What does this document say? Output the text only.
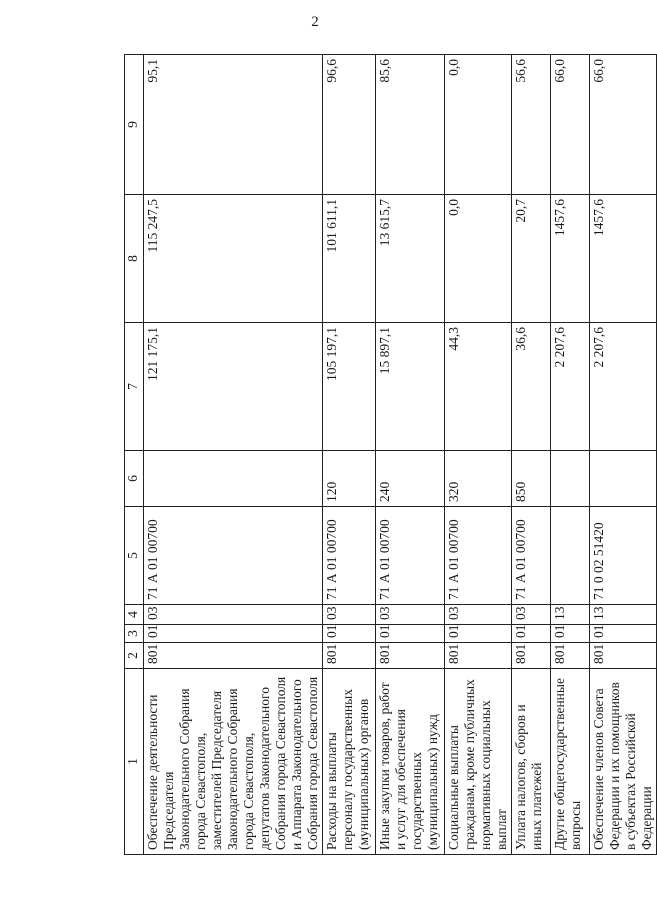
2
1	2	3	4	5	6	7	8	9
Обеспечение деятельности Председателя Законодательного Собрания города Севастополя, заместителей Председателя Законодательного Собрания города Севастополя, депутатов Законодательного Собрания города Севастополя и Аппарата Законодательного Собрания города Севастополя	801	01	03	71 А 01 00700		121 175,1	115 247,5	95,1
Расходы на выплаты персоналу государственных (муниципальных) органов	801	01	03	71 А 01 00700	120	105 197,1	101 611,1	96,6
Иные закупки товаров, работ и услуг для обеспечения государственных (муниципальных) нужд	801	01	03	71 А 01 00700	240	15 897,1	13 615,7	85,6
Социальные выплаты гражданам, кроме публичных нормативных социальных выплат	801	01	03	71 А 01 00700	320	44,3	0,0	0,0
Уплата налогов, сборов и иных платежей	801	01	03	71 А 01 00700	850	36,6	20,7	56,6
Другие общегосударственные вопросы	801	01	13			2 207,6	1457,6	66,0
Обеспечение членов Совета Федерации и их помощников в субъектах Российской Федерации	801	01	13	71 0 02 51420		2 207,6	1457,6	66,0
